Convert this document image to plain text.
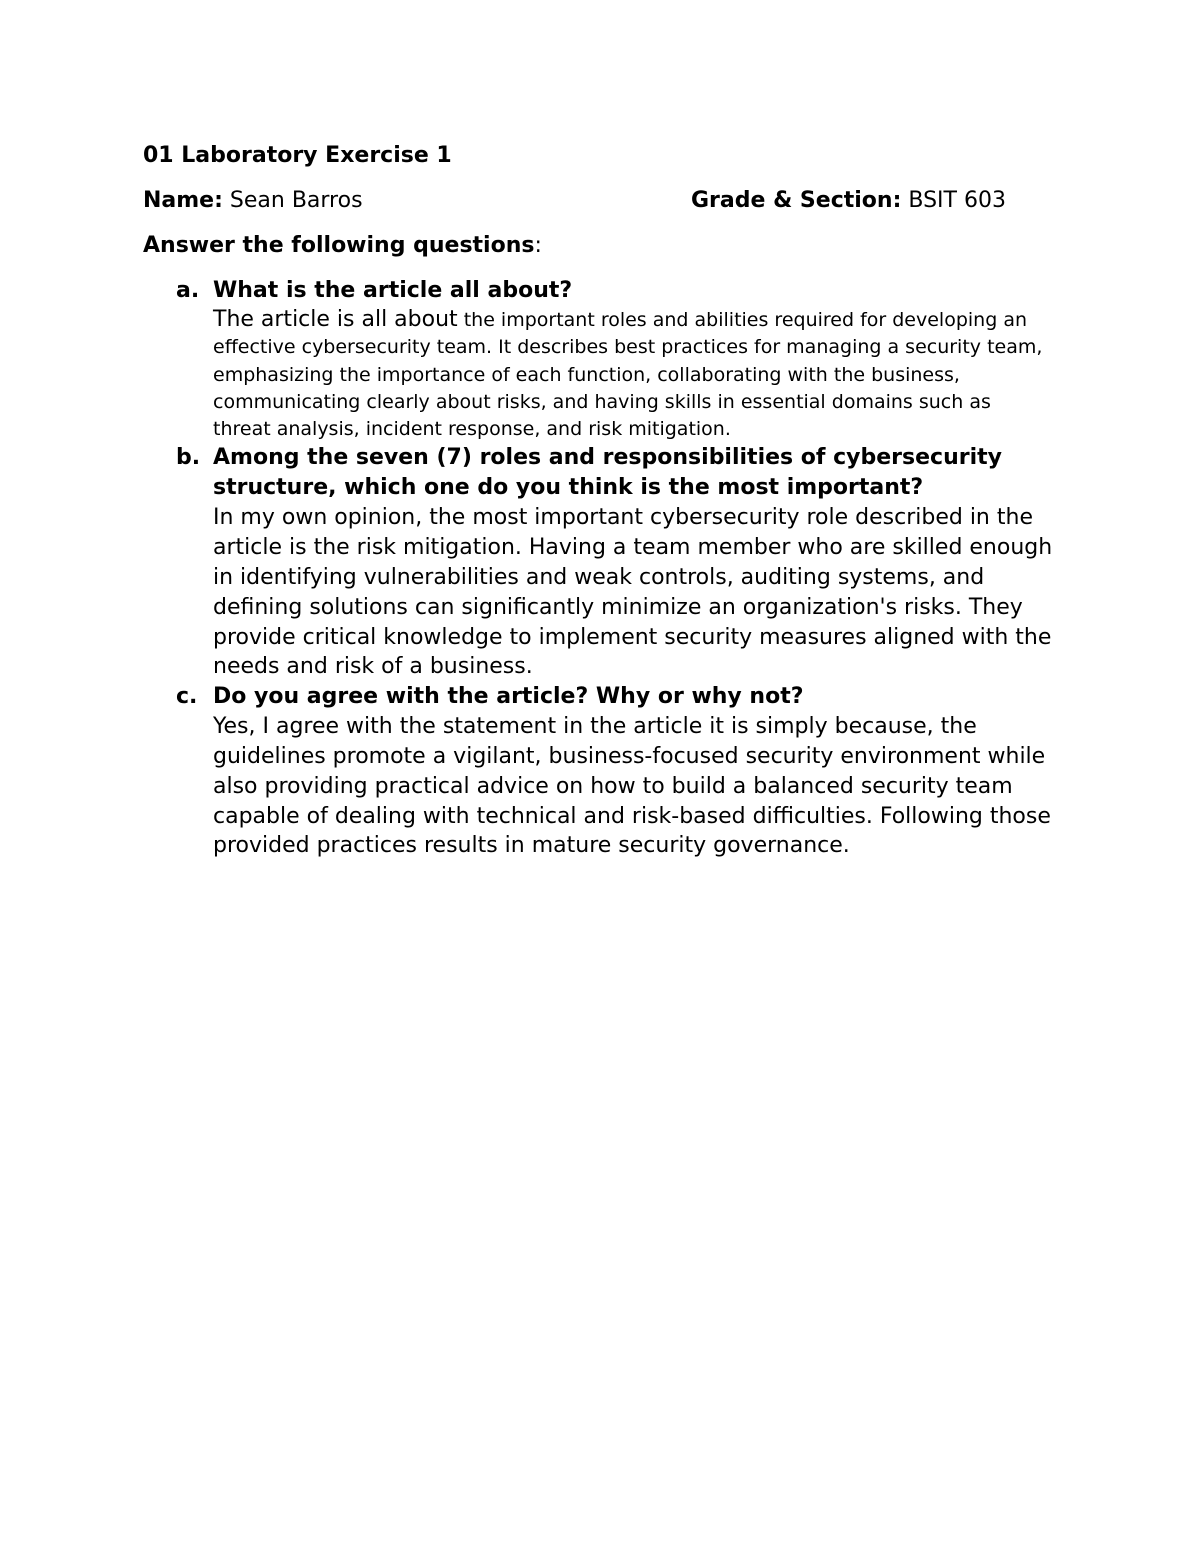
01 Laboratory Exercise 1
Name: Sean Barros	Grade & Section: BSIT 603
Answer the following questions:
a. What is the article all about?
The article is all about the important roles and abilities required for developing an effective cybersecurity team. It describes best practices for managing a security team, emphasizing the importance of each function, collaborating with the business, communicating clearly about risks, and having skills in essential domains such as threat analysis, incident response, and risk mitigation.
b. Among the seven (7) roles and responsibilities of cybersecurity structure, which one do you think is the most important?
In my own opinion, the most important cybersecurity role described in the article is the risk mitigation. Having a team member who are skilled enough in identifying vulnerabilities and weak controls, auditing systems, and defining solutions can significantly minimize an organization's risks. They provide critical knowledge to implement security measures aligned with the needs and risk of a business.
c. Do you agree with the article? Why or why not?
Yes, I agree with the statement in the article it is simply because, the guidelines promote a vigilant, business-focused security environment while also providing practical advice on how to build a balanced security team capable of dealing with technical and risk-based difficulties. Following those provided practices results in mature security governance.
